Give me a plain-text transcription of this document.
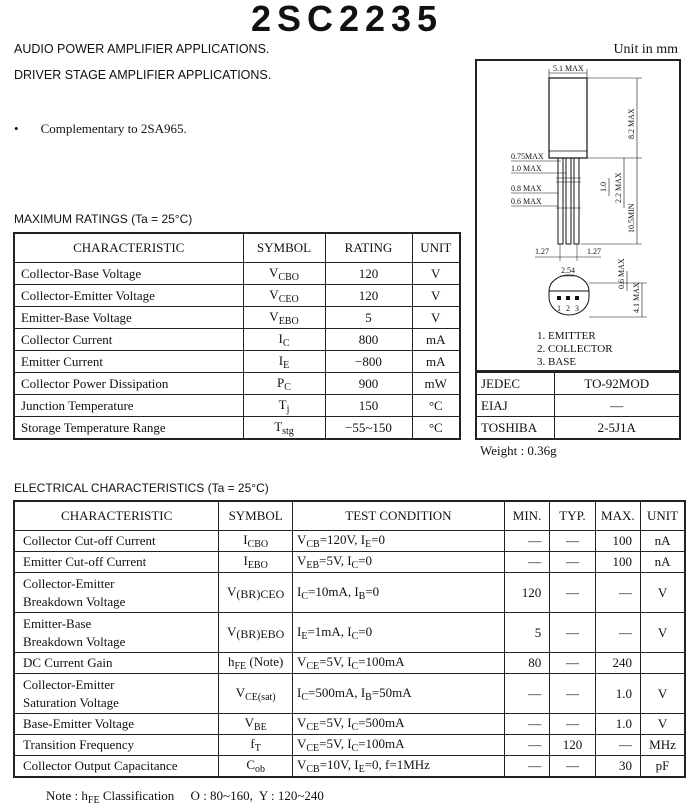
2SC2235
AUDIO POWER AMPLIFIER APPLICATIONS.
DRIVER STAGE AMPLIFIER APPLICATIONS.
Unit in mm
• Complementary to 2SA965.
MAXIMUM RATINGS (Ta = 25°C)
CHARACTERISTIC	SYMBOL	RATING	UNIT
Collector-Base Voltage	$V_{CBO}$	120	V
Collector-Emitter Voltage	$V_{CEO}$	120	V
Emitter-Base Voltage	$V_{EBO}$	5	V
Collector Current	$I_C$	800	mA
Emitter Current	$I_E$	−800	mA
Collector Power Dissipation	$P_C$	900	mW
Junction Temperature	$T_j$	150	°C
Storage Temperature Range	$T_{stg}$	−55~150	°C
5.1 MAX
8.2 MAX
10.5MIN
2.2 MAX
1.0
0.75MAX
1.0 MAX
0.8 MAX
0.6 MAX
1.27	1.27
2.54
1 2 3	4.1 MAX
0.6 MAX
1. EMITTER
2. COLLECTOR
3. BASE
JEDEC	TO-92MOD
EIAJ	—
TOSHIBA	2-5J1A
Weight : 0.36g
ELECTRICAL CHARACTERISTICS (Ta = 25°C)
CHARACTERISTIC	SYMBOL	TEST CONDITION	MIN.	TYP.	MAX.	UNIT

Collector Cut-off Current	$I_{CBO}$	$V_{CB}=120V$, $I_E=0$	—	—	100	nA

Emitter Cut-off Current	$I_{EBO}$	$V_{EB}=5V$, $I_C=0$	—	—	100	nA

Collector-Emitter
Breakdown Voltage	V(BR)CEO	$I_C=10mA$, $I_B=0$	120	—	—	V

Emitter-Base
Breakdown Voltage	V(BR)EBO	$I_E=1mA$, $I_C=0$	5	—	—	V

DC Current Gain	$h_{FE}$ (Note)	$V_{CE}=5V$, $I_C=100mA$	80	—	240	

Collector-Emitter
Saturation Voltage	$V_{CE(sat)}$	$I_C=500mA$, $I_B=50mA$	—	—	1.0	V

Base-Emitter Voltage	$V_{BE}$	$V_{CE}=5V$, $I_C=500mA$	—	—	1.0	V

Transition Frequency	$f_T$	$V_{CE}=5V$, $I_C=100mA$	—	120	—	MHz

Collector Output Capacitance	$C_{ob}$	$V_{CB}=10V$, $I_E=0$, f=1MHz	—	—	30	pF
Note : $h_{FE}$ Classification     O : 80~160,  Y : 120~240
